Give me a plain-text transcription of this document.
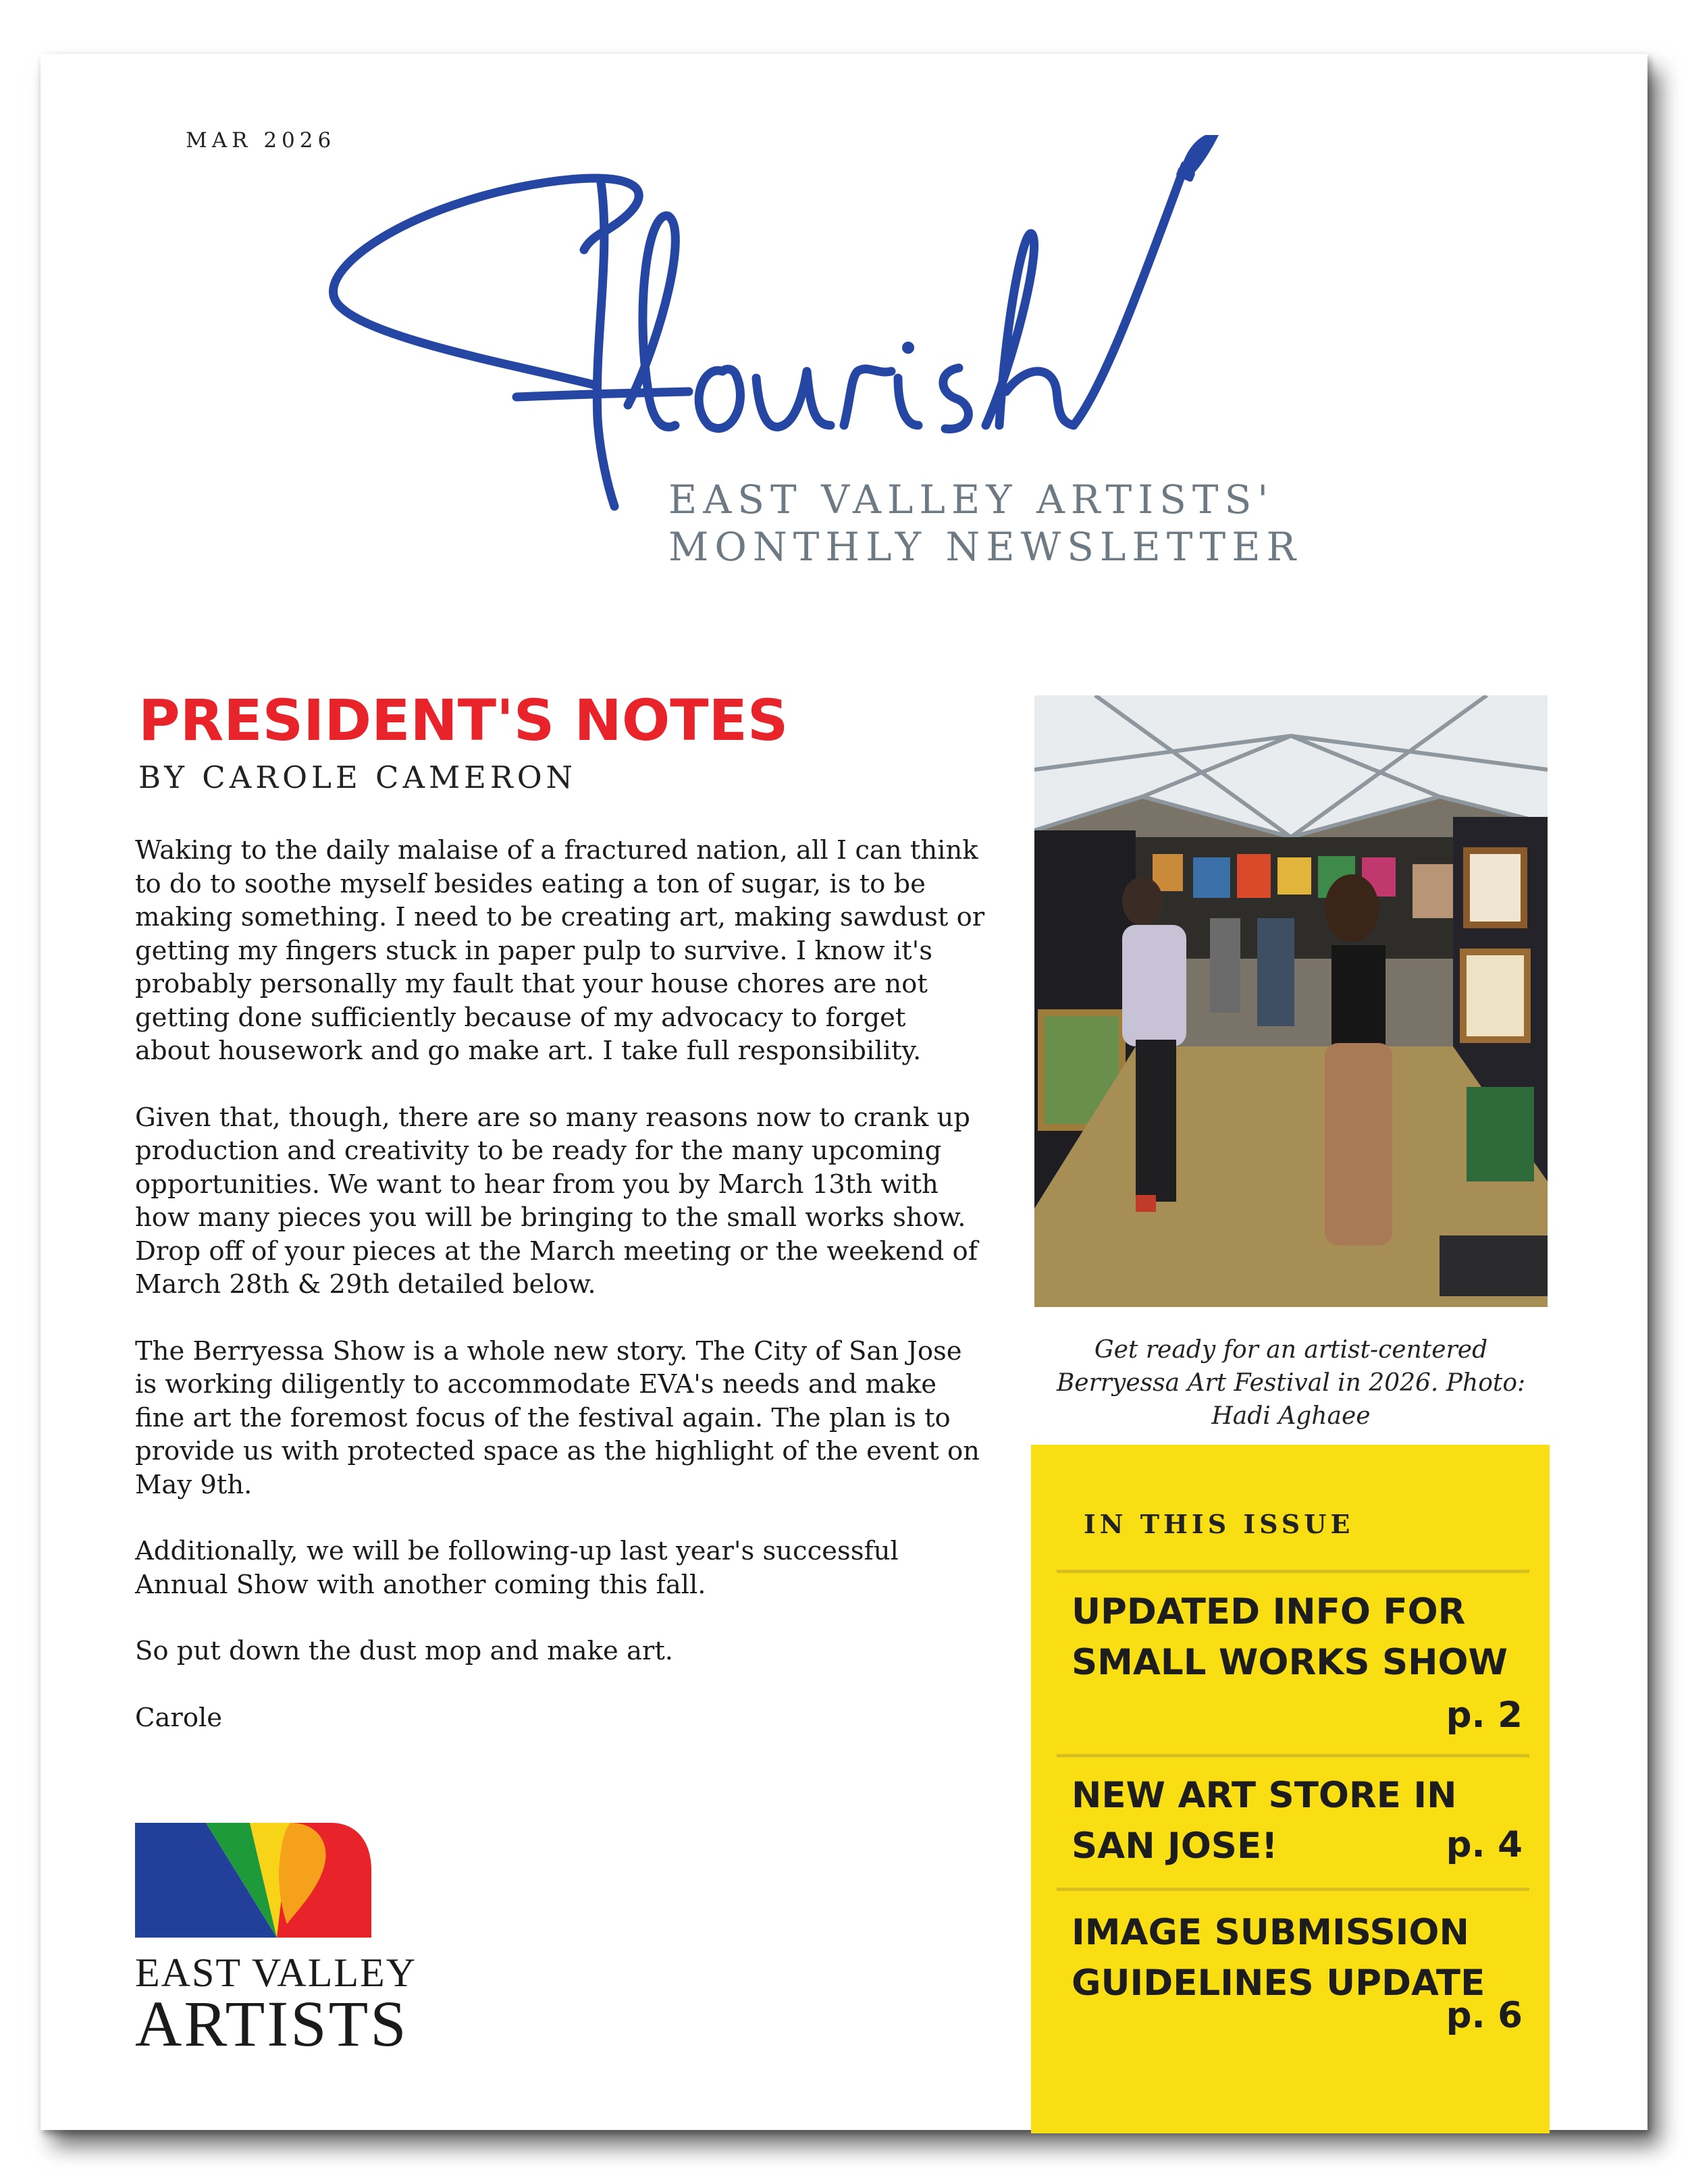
MAR 2026
EAST VALLEY ARTISTS'
MONTHLY NEWSLETTER
PRESIDENT'S NOTES
BY CAROLE CAMERON

Waking to the daily malaise of a fractured nation, all I can think to do to soothe myself besides eating a ton of sugar, is to be making something. I need to be creating art, making sawdust or getting my fingers stuck in paper pulp to survive. I know it's probably personally my fault that your house chores are not getting done sufficiently because of my advocacy to forget about housework and go make art. I take full responsibility.

Given that, though, there are so many reasons now to crank up production and creativity to be ready for the many upcoming opportunities. We want to hear from you by March 13th with how many pieces you will be bringing to the small works show. Drop off of your pieces at the March meeting or the weekend of March 28th & 29th detailed below.

The Berryessa Show is a whole new story. The City of San Jose is working diligently to accommodate EVA's needs and make fine art the foremost focus of the festival again. The plan is to provide us with protected space as the highlight of the event on May 9th.

Additionally, we will be following-up last year's successful Annual Show with another coming this fall.

So put down the dust mop and make art.

Carole

Get ready for an artist-centered Berryessa Art Festival in 2026. Photo: Hadi Aghaee
IN THIS ISSUE
UPDATED INFO FOR SMALL WORKS SHOW
p. 2
NEW ART STORE IN SAN JOSE!	p. 4
IMAGE SUBMISSION GUIDELINES UPDATE
p. 6
EAST VALLEY
ARTISTS
